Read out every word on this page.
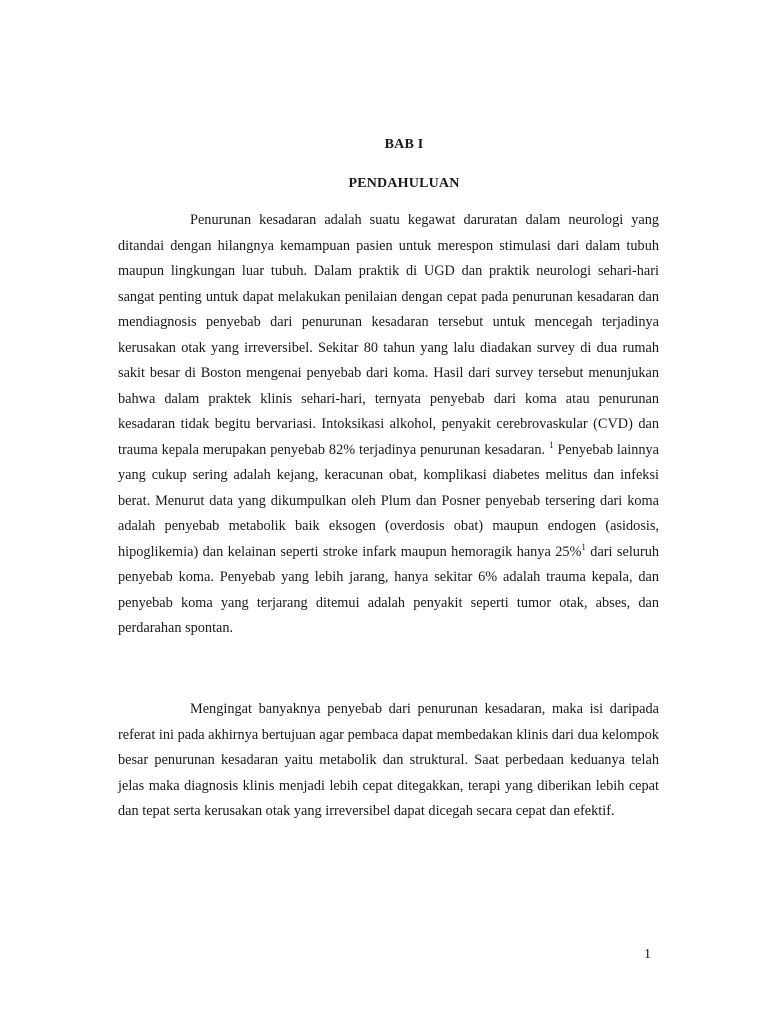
BAB I
PENDAHULUAN

Penurunan kesadaran adalah suatu kegawat daruratan dalam neurologi yang ditandai dengan hilangnya kemampuan pasien untuk merespon stimulasi dari dalam tubuh maupun lingkungan luar tubuh. Dalam praktik di UGD dan praktik neurologi sehari-hari sangat penting untuk dapat melakukan penilaian dengan cepat pada penurunan kesadaran dan mendiagnosis penyebab dari penurunan kesadaran tersebut untuk mencegah terjadinya kerusakan otak yang irreversibel. Sekitar 80 tahun yang lalu diadakan survey di dua rumah sakit besar di Boston mengenai penyebab dari koma. Hasil dari survey tersebut menunjukan bahwa dalam praktek klinis sehari-hari, ternyata penyebab dari koma atau penurunan kesadaran tidak begitu bervariasi. Intoksikasi alkohol, penyakit cerebrovaskular (CVD) dan trauma kepala merupakan penyebab 82% terjadinya penurunan kesadaran. $^1$ Penyebab lainnya yang cukup sering adalah kejang, keracunan obat, komplikasi diabetes melitus dan infeksi berat. Menurut data yang dikumpulkan oleh Plum dan Posner penyebab tersering dari koma adalah penyebab metabolik baik eksogen (overdosis obat) maupun endogen (asidosis, hipoglikemia) dan kelainan seperti stroke infark maupun hemoragik hanya 25%$^1$ dari seluruh penyebab koma. Penyebab yang lebih jarang, hanya sekitar 6% adalah trauma kepala, dan penyebab koma yang terjarang ditemui adalah penyakit seperti tumor otak, abses, dan perdarahan spontan.

Mengingat banyaknya penyebab dari penurunan kesadaran, maka isi daripada referat ini pada akhirnya bertujuan agar pembaca dapat membedakan klinis dari dua kelompok besar penurunan kesadaran yaitu metabolik dan struktural. Saat perbedaan keduanya telah jelas maka diagnosis klinis menjadi lebih cepat ditegakkan, terapi yang diberikan lebih cepat dan tepat serta kerusakan otak yang irreversibel dapat dicegah secara cepat dan efektif.

1
